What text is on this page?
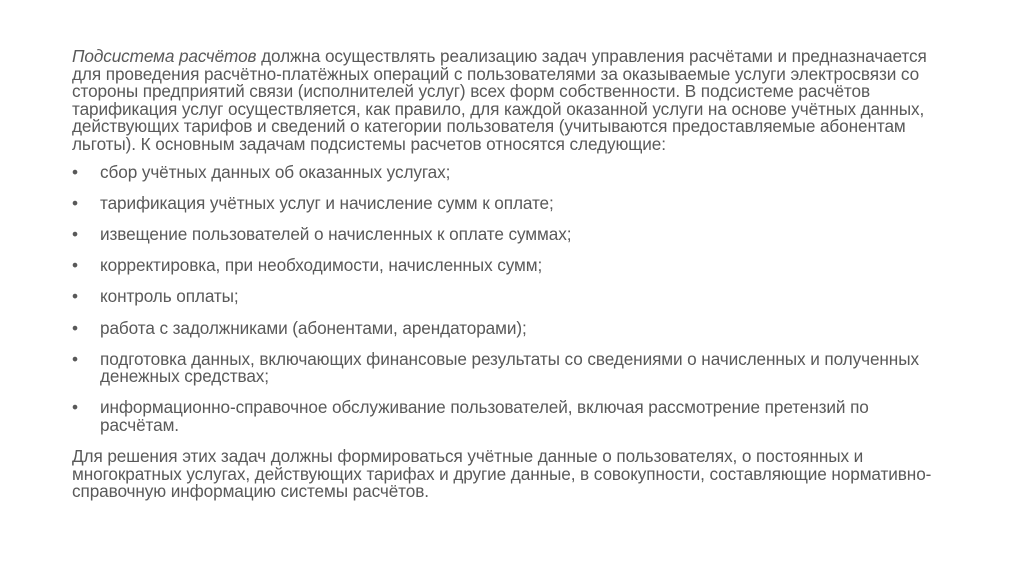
Подсистема расчётов должна осуществлять реализацию задач управления расчётами и предназначается для проведения расчётно-платёжных операций с пользователями за оказываемые услуги электросвязи со стороны предприятий связи (исполнителей услуг) всех форм собственности. В подсистеме расчётов тарификация услуг осуществляется, как правило, для каждой оказанной услуги на основе учётных данных, действующих тарифов и сведений о категории пользователя (учитываются предоставляемые абонентам льготы). К основным задачам подсистемы расчетов относятся следующие:

• сбор учётных данных об оказанных услугах;
• тарификация учётных услуг и начисление сумм к оплате;
• извещение пользователей о начисленных к оплате суммах;
• корректировка, при необходимости, начисленных сумм;
• контроль оплаты;
• работа с задолжниками (абонентами, арендаторами);
• подготовка данных, включающих финансовые результаты со сведениями о начисленных и полученных денежных средствах;
• информационно-справочное обслуживание пользователей, включая рассмотрение претензий по расчётам.

Для решения этих задач должны формироваться учётные данные о пользователях, о постоянных и многократных услугах, действующих тарифах и другие данные, в совокупности, составляющие нормативно-справочную информацию системы расчётов.
